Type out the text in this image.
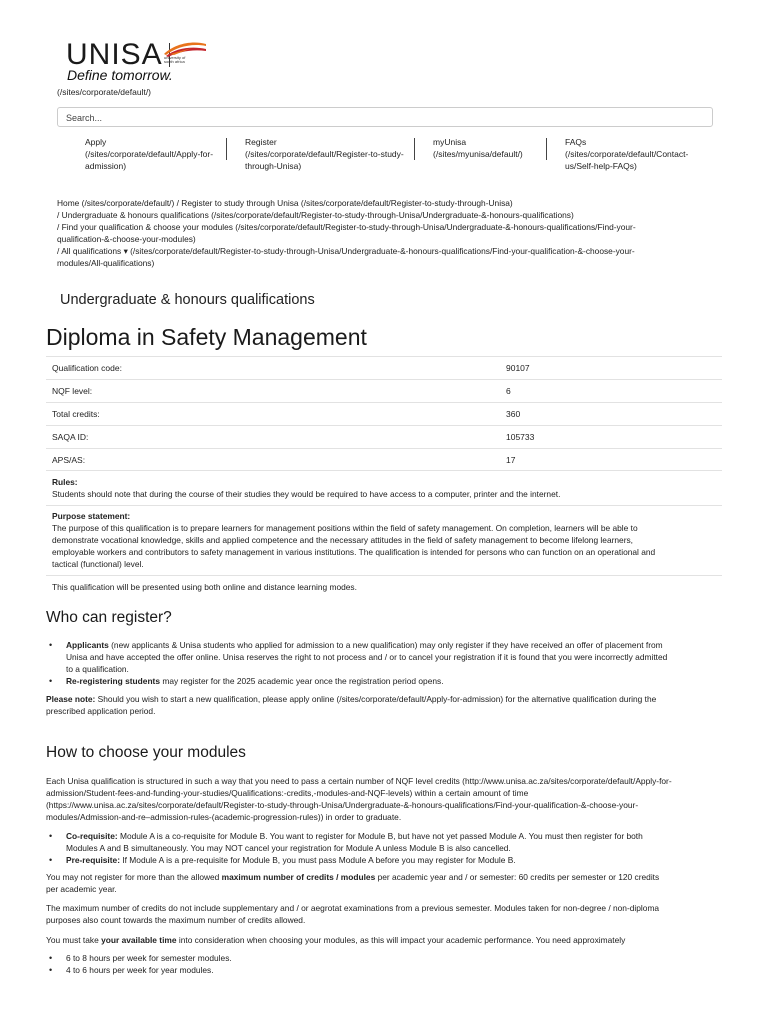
UNISA university of south africa
Define tomorrow.
(/sites/corporate/default/)
Search...
Apply
(/sites/corporate/default/Apply-for-admission)
Register
(/sites/corporate/default/Register-to-study-through-Unisa)
myUnisa
(/sites/myunisa/default/)
FAQs
(/sites/corporate/default/Contact-us/Self-help-FAQs)
Home (/sites/corporate/default/) / Register to study through Unisa (/sites/corporate/default/Register-to-study-through-Unisa)
/ Undergraduate & honours qualifications (/sites/corporate/default/Register-to-study-through-Unisa/Undergraduate-&-honours-qualifications)
/ Find your qualification & choose your modules (/sites/corporate/default/Register-to-study-through-Unisa/Undergraduate-&-honours-qualifications/Find-your-
qualification-&-choose-your-modules)
/ All qualifications ▾ (/sites/corporate/default/Register-to-study-through-Unisa/Undergraduate-&-honours-qualifications/Find-your-qualification-&-choose-your-
modules/All-qualifications)
Undergraduate & honours qualifications
Diploma in Safety Management
Qualification code:	90107
NQF level:	6
Total credits:	360
SAQA ID:	105733
APS/AS:	17
Rules:
Students should note that during the course of their studies they would be required to have access to a computer, printer and the internet.
Purpose statement:
The purpose of this qualification is to prepare learners for management positions within the field of safety management. On completion, learners will be able to
demonstrate vocational knowledge, skills and applied competence and the necessary attitudes in the field of safety management to become lifelong learners,
employable workers and contributors to safety management in various institutions. The qualification is intended for persons who can function on an operational and
tactical (functional) level.
This qualification will be presented using both online and distance learning modes.
Who can register?
• Applicants (new applicants & Unisa students who applied for admission to a new qualification) may only register if they have received an offer of placement from
Unisa and have accepted the offer online. Unisa reserves the right to not process and / or to cancel your registration if it is found that you were incorrectly admitted
to a qualification.
• Re-registering students may register for the 2025 academic year once the registration period opens.
Please note: Should you wish to start a new qualification, please apply online (/sites/corporate/default/Apply-for-admission) for the alternative qualification during the
prescribed application period.
How to choose your modules
Each Unisa qualification is structured in such a way that you need to pass a certain number of NQF level credits (http://www.unisa.ac.za/sites/corporate/default/Apply-for-
admission/Student-fees-and-funding-your-studies/Qualifications:-credits,-modules-and-NQF-levels) within a certain amount of time
(https://www.unisa.ac.za/sites/corporate/default/Register-to-study-through-Unisa/Undergraduate-&-honours-qualifications/Find-your-qualification-&-choose-your-
modules/Admission-and-re–admission-rules-(academic-progression-rules)) in order to graduate.
• Co-requisite: Module A is a co-requisite for Module B. You want to register for Module B, but have not yet passed Module A. You must then register for both
Modules A and B simultaneously. You may NOT cancel your registration for Module A unless Module B is also cancelled.
• Pre-requisite: If Module A is a pre-requisite for Module B, you must pass Module A before you may register for Module B.
You may not register for more than the allowed maximum number of credits / modules per academic year and / or semester: 60 credits per semester or 120 credits
per academic year.
The maximum number of credits do not include supplementary and / or aegrotat examinations from a previous semester. Modules taken for non-degree / non-diploma
purposes also count towards the maximum number of credits allowed.
You must take your available time into consideration when choosing your modules, as this will impact your academic performance. You need approximately
• 6 to 8 hours per week for semester modules.
• 4 to 6 hours per week for year modules.
